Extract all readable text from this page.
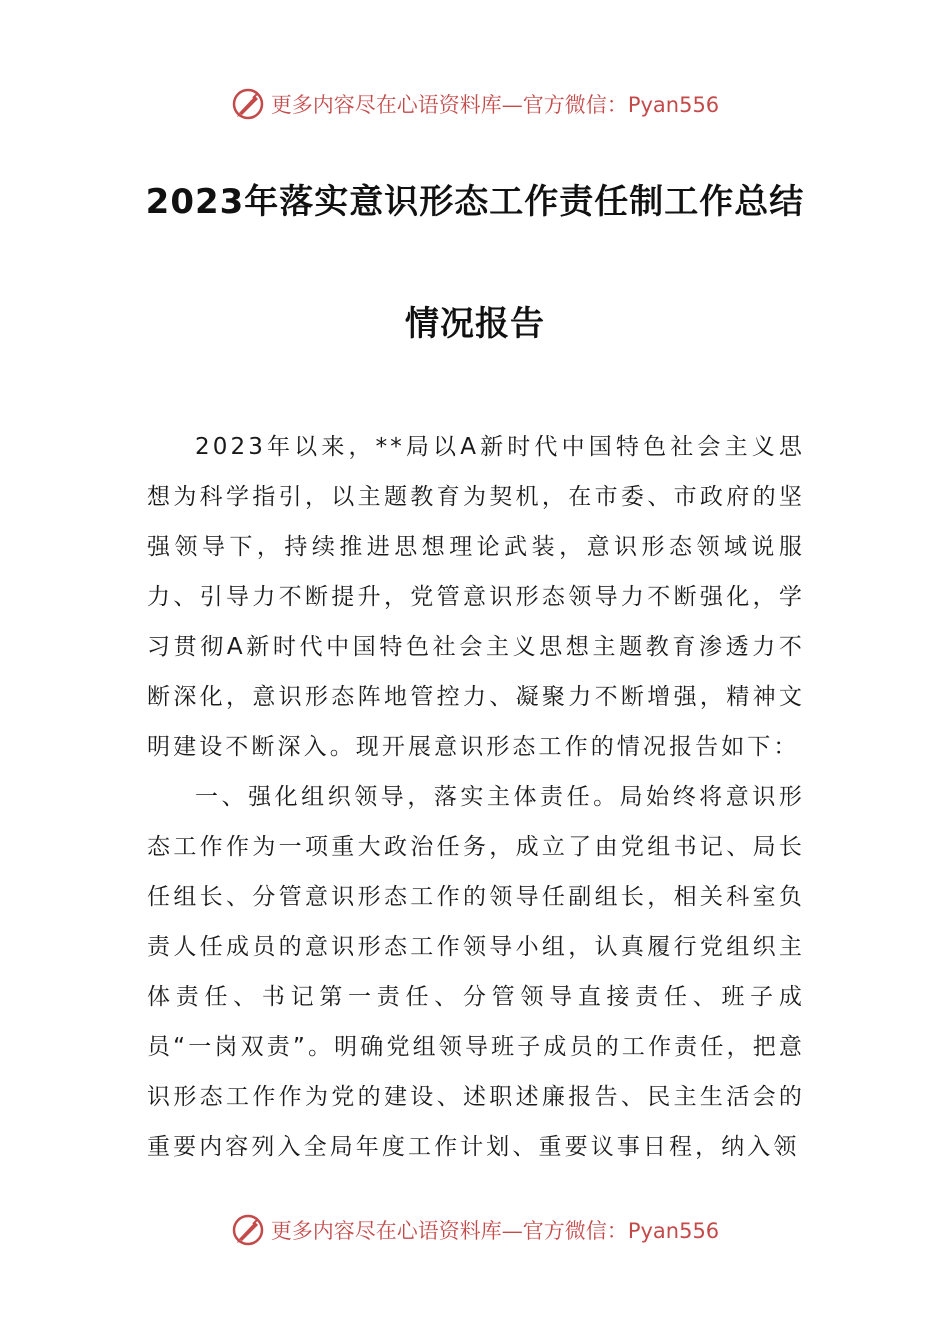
更多内容尽在心语资料库—官方微信：Pyan556
2023年落实意识形态工作责任制工作总结
情况报告

2023年以来，**局以A新时代中国特色社会主义思想为科学指引，以主题教育为契机，在市委、市政府的坚强领导下，持续推进思想理论武装，意识形态领域说服力、引导力不断提升，党管意识形态领导力不断强化，学习贯彻A新时代中国特色社会主义思想主题教育渗透力不断深化，意识形态阵地管控力、凝聚力不断增强，精神文明建设不断深入。现开展意识形态工作的情况报告如下：

一、强化组织领导，落实主体责任。局始终将意识形态工作作为一项重大政治任务，成立了由党组书记、局长任组长、分管意识形态工作的领导任副组长，相关科室负责人任成员的意识形态工作领导小组，认真履行党组织主体责任、书记第一责任、分管领导直接责任、班子成员“一岗双责”。明确党组领导班子成员的工作责任，把意识形态工作作为党的建设、述职述廉报告、民主生活会的重要内容列入全局年度工作计划、重要议事日程，纳入领

更多内容尽在心语资料库—官方微信：Pyan556
